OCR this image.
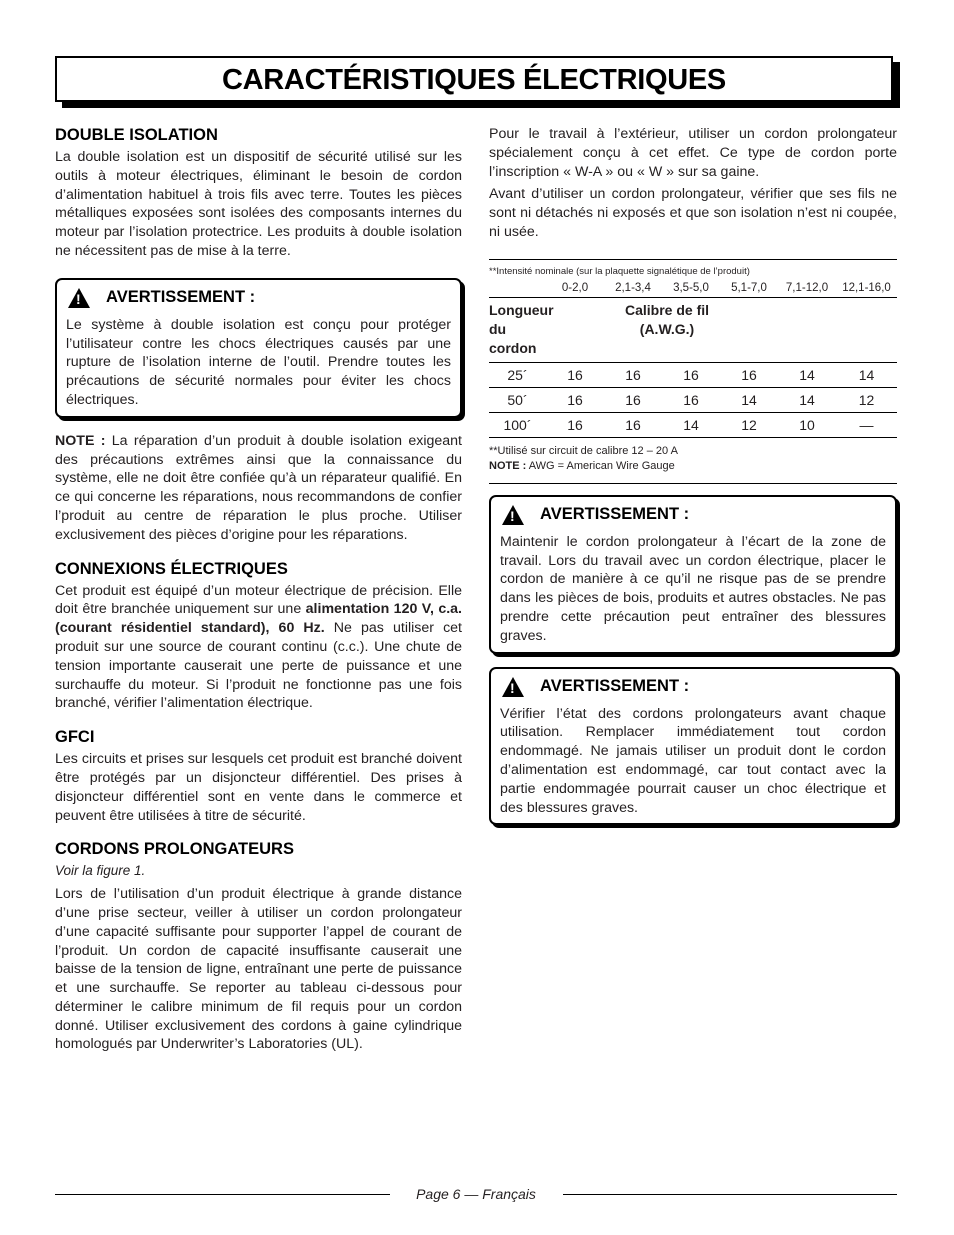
CARACTÉRISTIQUES ÉLECTRIQUES
DOUBLE ISOLATION

La double isolation est un dispositif de sécurité utilisé sur les outils à moteur électriques, éliminant le besoin de cordon d’alimentation habituel à trois fils avec terre. Toutes les pièces métalliques exposées sont isolées des composants internes du moteur par l’isolation protectrice. Les produits à double isolation ne nécessitent pas de mise à la terre.

! AVERTISSEMENT :

Le système à double isolation est conçu pour protéger l’utilisateur contre les chocs électriques causés par une rupture de l’isolation interne de l’outil. Prendre toutes les précautions de sécurité normales pour éviter les chocs électriques.

NOTE : La réparation d’un produit à double isolation exigeant des précautions extrêmes ainsi que la connaissance du système, elle ne doit être confiée qu’à un réparateur qualifié. En ce qui concerne les réparations, nous recommandons de confier l’produit au centre de réparation le plus proche. Utiliser exclusivement des pièces d’origine pour les réparations.

CONNEXIONS ÉLECTRIQUES

Cet produit est équipé d’un moteur électrique de précision. Elle doit être branchée uniquement sur une alimentation 120 V, c.a. (courant résidentiel standard), 60 Hz. Ne pas utiliser cet produit sur une source de courant continu (c.c.). Une chute de tension importante causerait une perte de puissance et une surchauffe du moteur. Si l’produit ne fonctionne pas une fois branché, vérifier l’alimentation électrique.

GFCI

Les circuits et prises sur lesquels cet produit est branché doivent être protégés par un disjoncteur différentiel. Des prises à disjoncteur différentiel sont en vente dans le commerce et peuvent être utilisées à titre de sécurité.

CORDONS PROLONGATEURS

Voir la figure 1.

Lors de l’utilisation d’un produit électrique à grande distance d’une prise secteur, veiller à utiliser un cordon prolongateur d’une capacité suffisante pour supporter l’appel de courant de l’produit. Un cordon de capacité insuffisante causerait une baisse de la tension de ligne, entraînant une perte de puissance et une surchauffe. Se reporter au tableau ci-dessous pour déterminer le calibre minimum de fil requis pour un cordon donné. Utiliser exclusivement des cordons à gaine cylindrique homologués par Underwriter’s Laboratories (UL).

Pour le travail à l’extérieur, utiliser un cordon prolongateur spécialement conçu à cet effet. Ce type de cordon porte l’inscription « W-A » ou « W » sur sa gaine.

Avant d’utiliser un cordon prolongateur, vérifier que ses fils ne sont ni détachés ni exposés et que son isolation n’est ni coupée, ni usée.

**Intensité nominale (sur la plaquette signalétique de l’produit)
	0-2,0	2,1-3,4	3,5-5,0	5,1-7,0	7,1-12,0	12,1-16,0
Longueur du cordon		Calibre de fil (A.W.G.)				
25´	16	16	16	16	14	14
50´	16	16	16	14	14	12
100´	16	16	14	12	10	—
**Utilisé sur circuit de calibre 12 – 20 A
NOTE : AWG = American Wire Gauge
! AVERTISSEMENT :

Maintenir le cordon prolongateur à l’écart de la zone de travail. Lors du travail avec un cordon électrique, placer le cordon de manière à ce qu’il ne risque pas de se prendre dans les pièces de bois, produits et autres obstacles. Ne pas prendre cette précaution peut entraîner des blessures graves.

! AVERTISSEMENT :

Vérifier l’état des cordons prolongateurs avant chaque utilisation. Remplacer immédiatement tout cordon endommagé. Ne jamais utiliser un produit dont le cordon d’alimentation est endommagé, car tout contact avec la partie endommagée pourrait causer un choc électrique et des blessures graves.

Page 6 — Français
